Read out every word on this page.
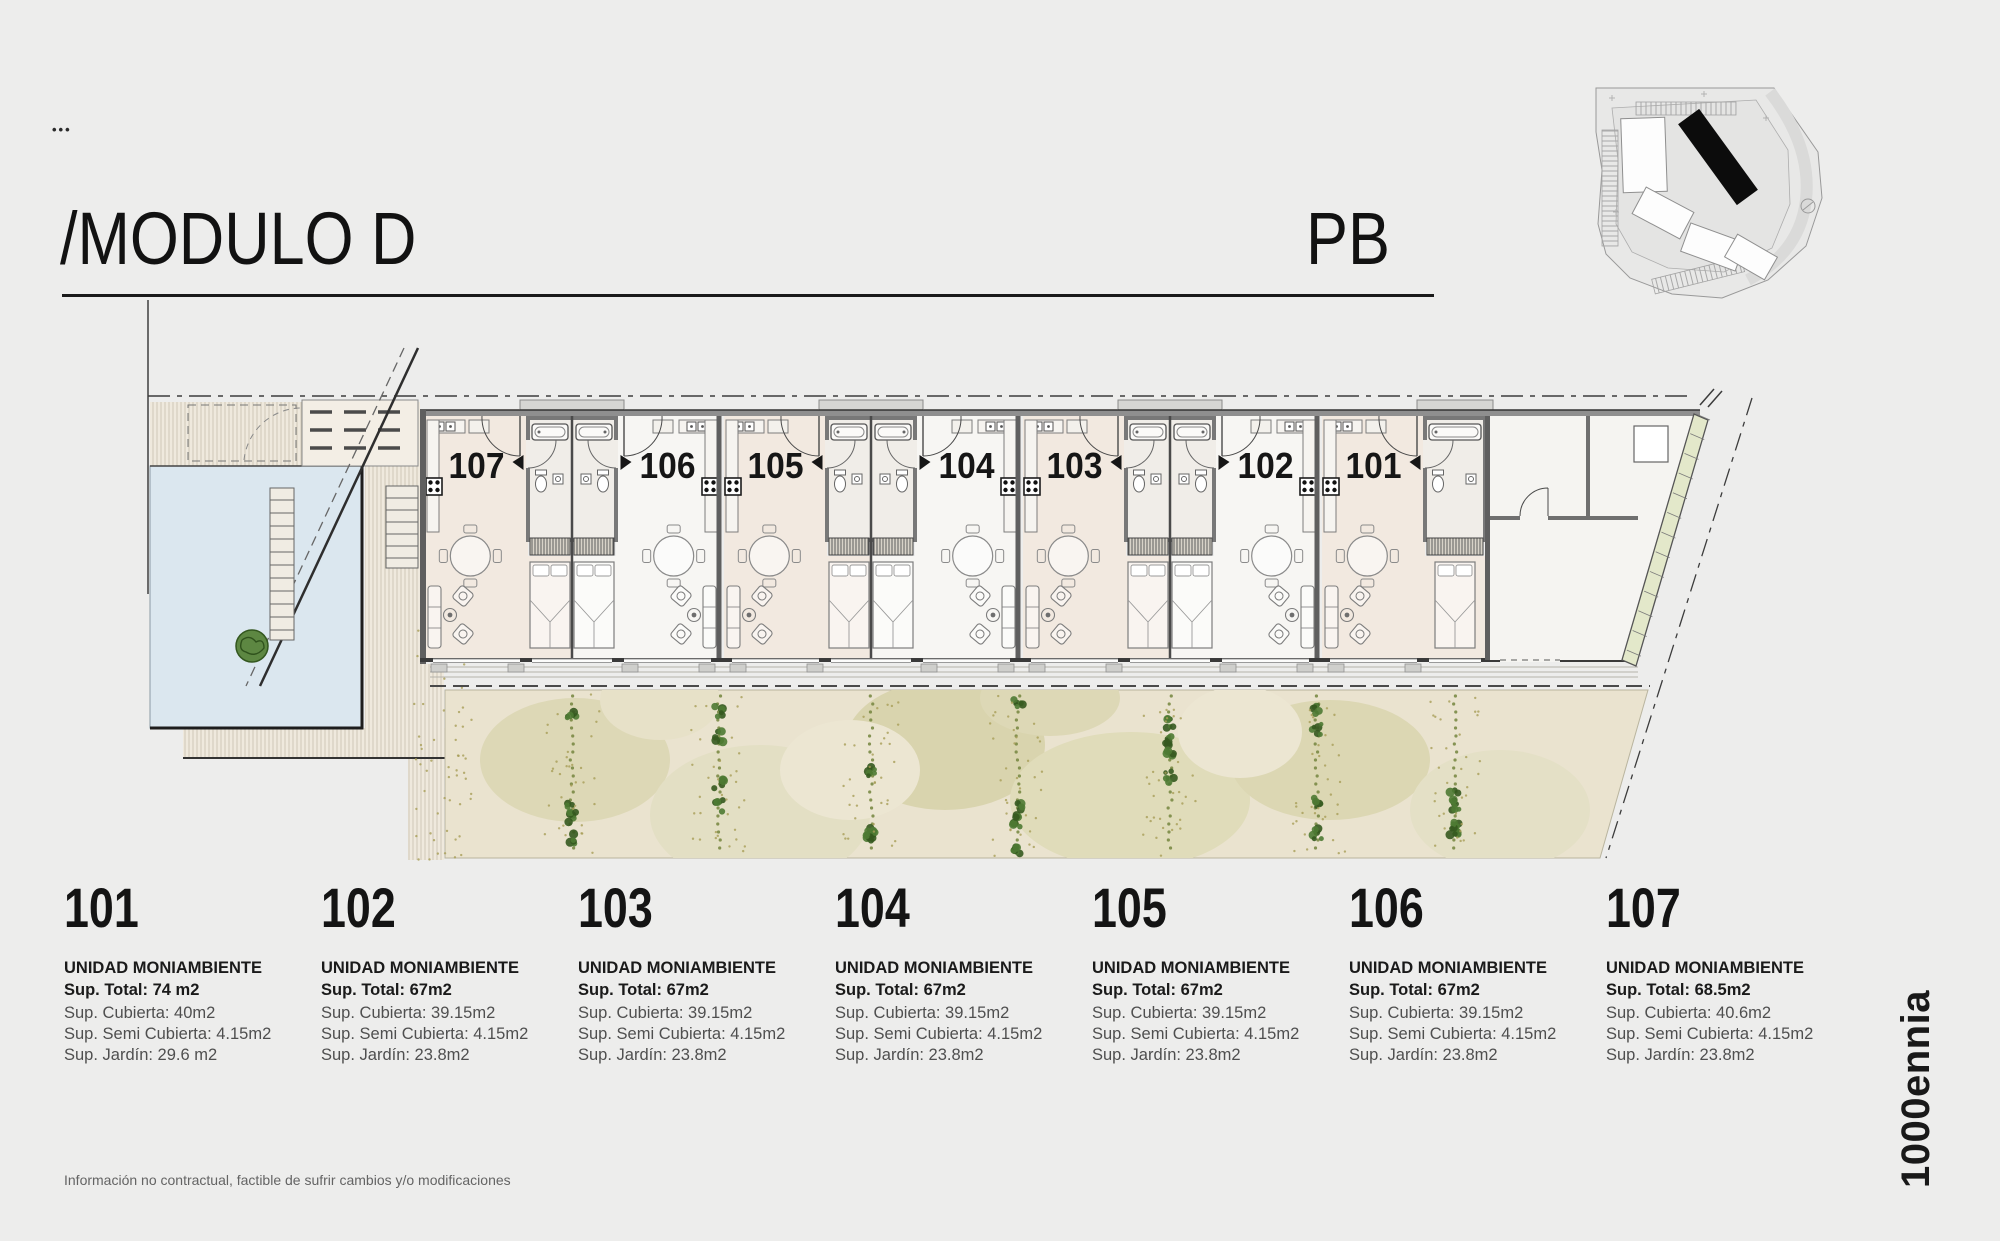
•••
/MODULO D	PB
107	106 105	104 103	102 101
101
UNIDAD MONIAMBIENTE
Sup. Total: 74 m2
Sup. Cubierta: 40m2
Sup. Semi Cubierta: 4.15m2
Sup. Jardín: 29.6 m2
102
UNIDAD MONIAMBIENTE
Sup. Total: 67m2
Sup. Cubierta: 39.15m2
Sup. Semi Cubierta: 4.15m2
Sup. Jardín: 23.8m2
103
UNIDAD MONIAMBIENTE
Sup. Total: 67m2
Sup. Cubierta: 39.15m2
Sup. Semi Cubierta: 4.15m2
Sup. Jardín: 23.8m2
104
UNIDAD MONIAMBIENTE
Sup. Total: 67m2
Sup. Cubierta: 39.15m2
Sup. Semi Cubierta: 4.15m2
Sup. Jardín: 23.8m2
105
UNIDAD MONIAMBIENTE
Sup. Total: 67m2
Sup. Cubierta: 39.15m2
Sup. Semi Cubierta: 4.15m2
Sup. Jardín: 23.8m2
106
UNIDAD MONIAMBIENTE
Sup. Total: 67m2
Sup. Cubierta: 39.15m2
Sup. Semi Cubierta: 4.15m2
Sup. Jardín: 23.8m2
107
UNIDAD MONIAMBIENTE
Sup. Total: 68.5m2
Sup. Cubierta: 40.6m2
Sup. Semi Cubierta: 4.15m2
Sup. Jardín: 23.8m2
Información no contractual, factible de sufrir cambios y/o modificaciones	1000ennia
